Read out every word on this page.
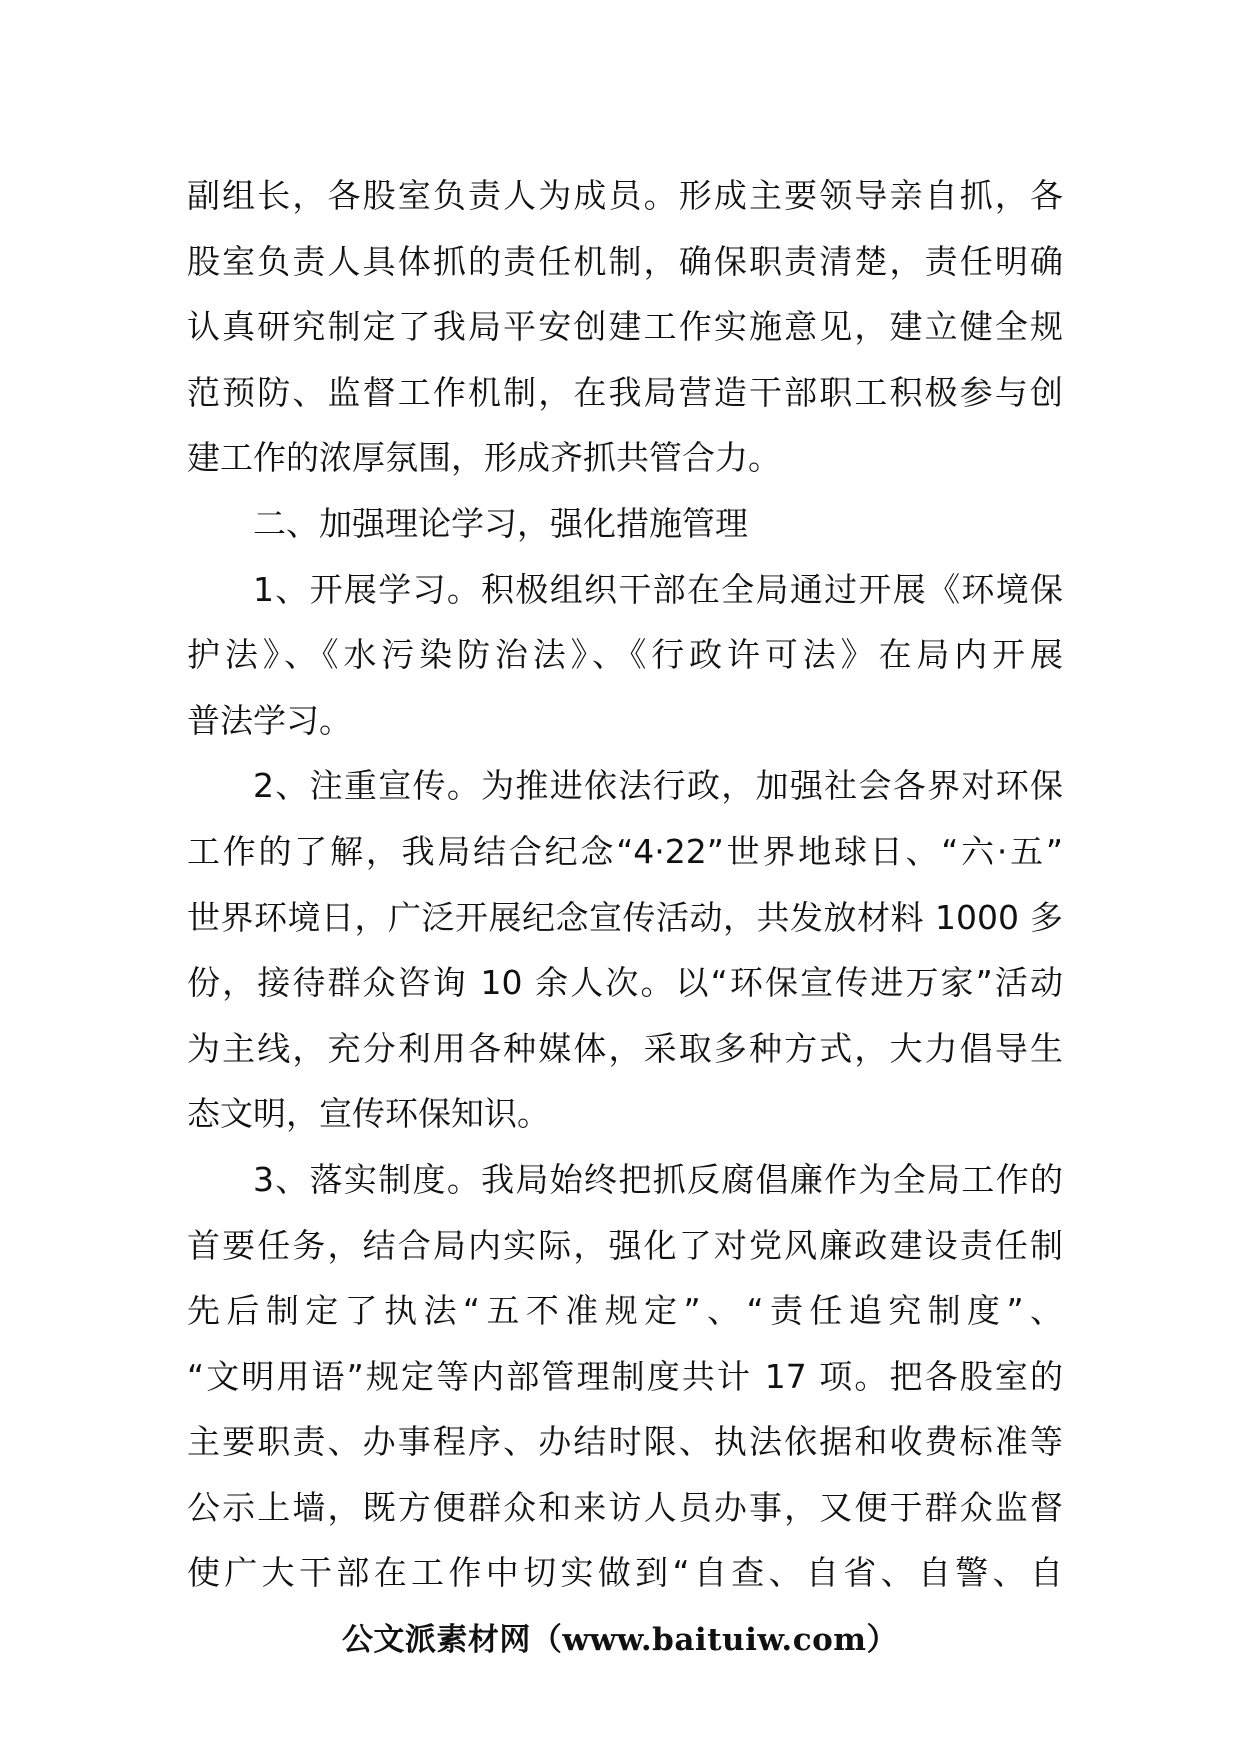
副组长，各股室负责人为成员。形成主要领导亲自抓，各
股室负责人具体抓的责任机制，确保职责清楚，责任明确
认真研究制定了我局平安创建工作实施意见，建立健全规
范预防、监督工作机制，在我局营造干部职工积极参与创
建工作的浓厚氛围，形成齐抓共管合力。
二、加强理论学习，强化措施管理
1、开展学习。积极组织干部在全局通过开展《环境保
护法》、《水污染防治法》、《行政许可法》在局内开展
普法学习。
2、注重宣传。为推进依法行政，加强社会各界对环保
工作的了解，我局结合纪念“4·22”世界地球日、“六·五”
世界环境日，广泛开展纪念宣传活动，共发放材料 1000 多
份，接待群众咨询 10 余人次。以“环保宣传进万家”活动
为主线，充分利用各种媒体，采取多种方式，大力倡导生
态文明，宣传环保知识。
3、落实制度。我局始终把抓反腐倡廉作为全局工作的
首要任务，结合局内实际，强化了对党风廉政建设责任制
先后制定了执法“五不准规定”、“责任追究制度”、
“文明用语”规定等内部管理制度共计 17 项。把各股室的
主要职责、办事程序、办结时限、执法依据和收费标准等
公示上墙，既方便群众和来访人员办事，又便于群众监督
使广大干部在工作中切实做到“自查、自省、自警、自
公文派素材网（www.baituiw.com）
